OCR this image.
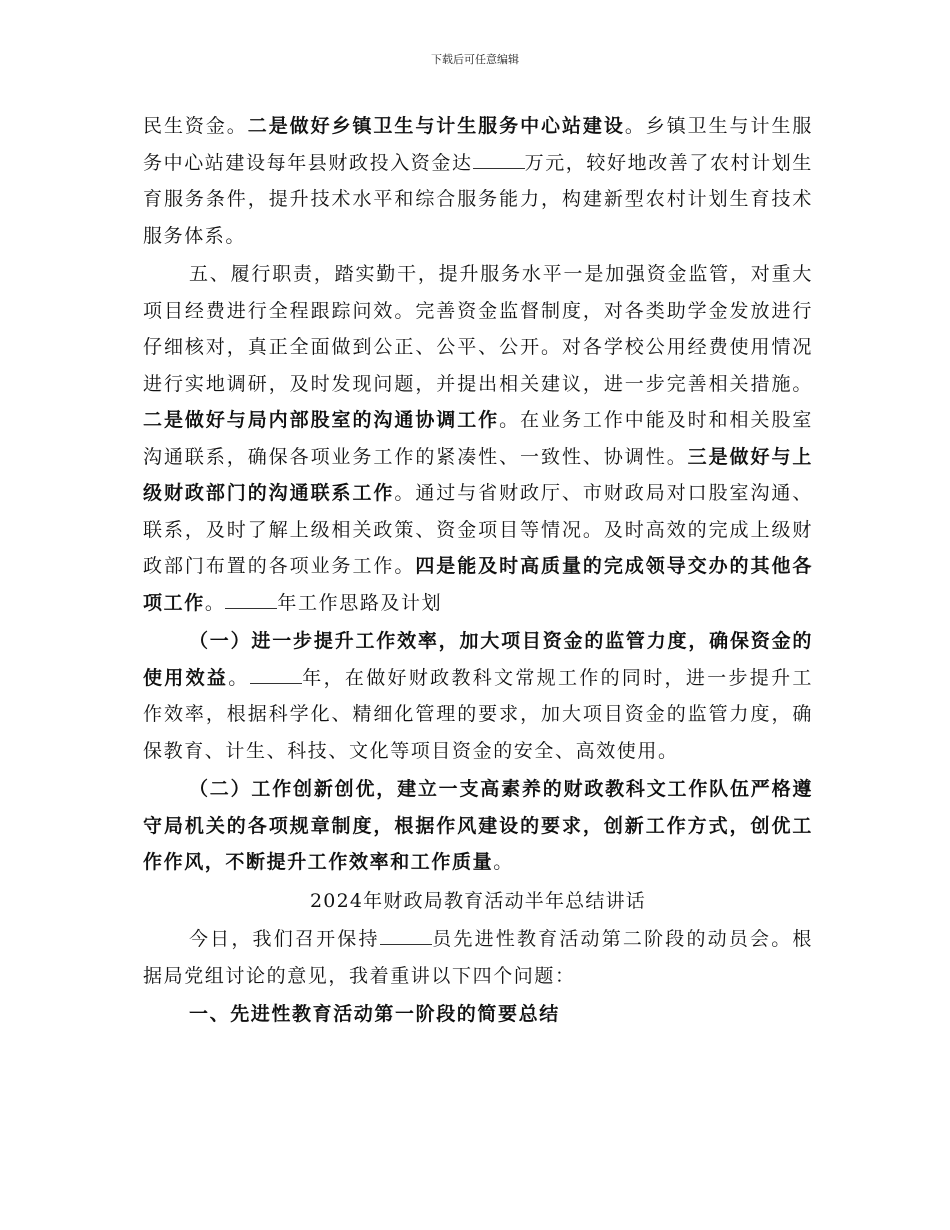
下载后可任意编辑

民生资金。二是做好乡镇卫生与计生服务中心站建设。乡镇卫生与计生服务中心站建设每年县财政投入资金达	万元，较好地改善了农村计划生育服务条件，提升技术水平和综合服务能力，构建新型农村计划生育技术服务体系。

五、履行职责，踏实勤干，提升服务水平一是加强资金监管，对重大项目经费进行全程跟踪问效。完善资金监督制度，对各类助学金发放进行仔细核对，真正全面做到公正、公平、公开。对各学校公用经费使用情况进行实地调研，及时发现问题，并提出相关建议，进一步完善相关措施。二是做好与局内部股室的沟通协调工作。在业务工作中能及时和相关股室沟通联系，确保各项业务工作的紧凑性、一致性、协调性。三是做好与上级财政部门的沟通联系工作。通过与省财政厅、市财政局对口股室沟通、联系，及时了解上级相关政策、资金项目等情况。及时高效的完成上级财政部门布置的各项业务工作。四是能及时高质量的完成领导交办的其他各项工作。	年工作思路及计划

（一）进一步提升工作效率，加大项目资金的监管力度，确保资金的使用效益。	年，在做好财政教科文常规工作的同时，进一步提升工作效率，根据科学化、精细化管理的要求，加大项目资金的监管力度，确保教育、计生、科技、文化等项目资金的安全、高效使用。

（二）工作创新创优，建立一支高素养的财政教科文工作队伍严格遵守局机关的各项规章制度，根据作风建设的要求，创新工作方式，创优工作作风，不断提升工作效率和工作质量。

2024年财政局教育活动半年总结讲话

今日，我们召开保持	员先进性教育活动第二阶段的动员会。根据局党组讨论的意见，我着重讲以下四个问题：

一、先进性教育活动第一阶段的简要总结
